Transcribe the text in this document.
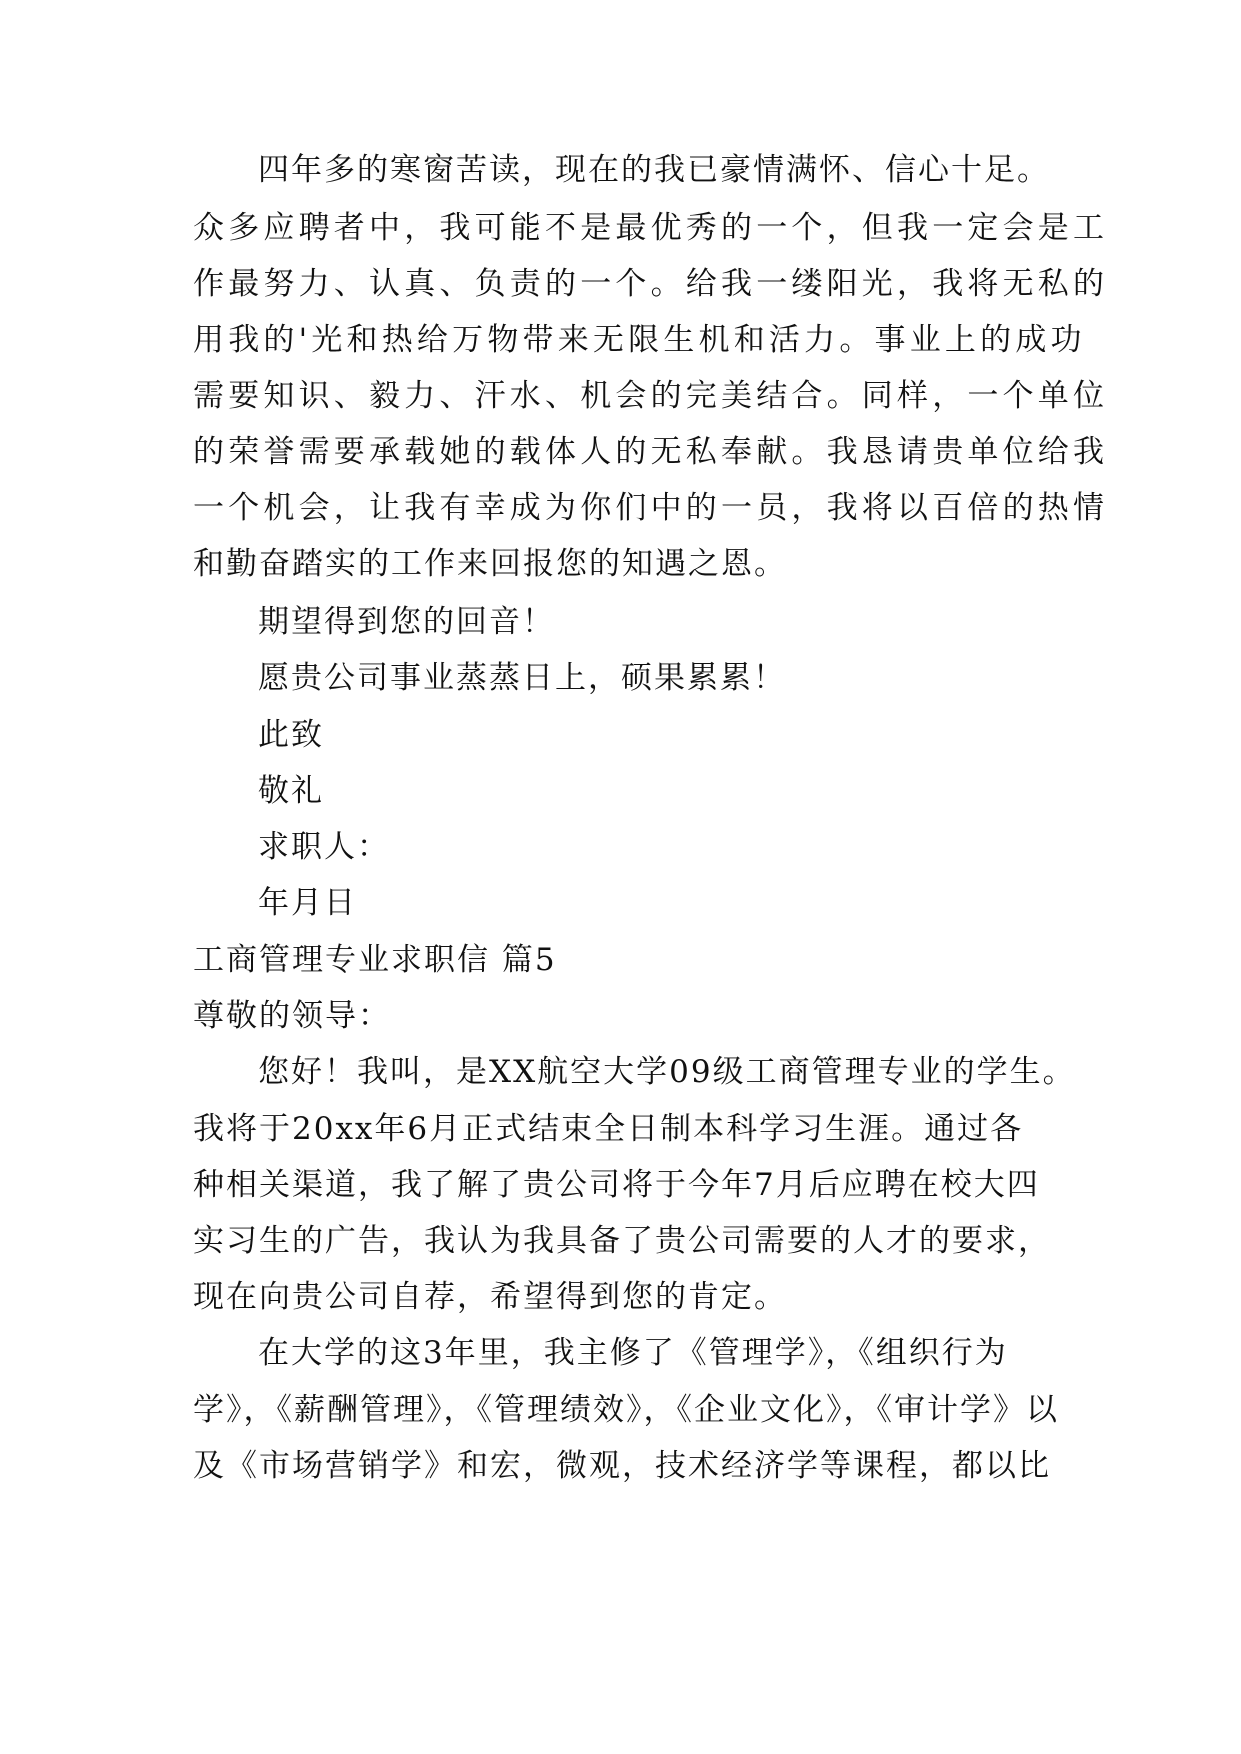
四年多的寒窗苦读，现在的我已豪情满怀、信心十足。
众多应聘者中，我可能不是最优秀的一个，但我一定会是工
作最努力、认真、负责的一个。给我一缕阳光，我将无私的
用我的'光和热给万物带来无限生机和活力。事业上的成功
需要知识、毅力、汗水、机会的完美结合。同样，一个单位
的荣誉需要承载她的载体人的无私奉献。我恳请贵单位给我
一个机会，让我有幸成为你们中的一员，我将以百倍的热情
和勤奋踏实的工作来回报您的知遇之恩。
期望得到您的回音！
愿贵公司事业蒸蒸日上，硕果累累！
此致
敬礼
求职人：
年月日
工商管理专业求职信 篇5
尊敬的领导：
您好！我叫，是XX航空大学09级工商管理专业的学生。
我将于20xx年6月正式结束全日制本科学习生涯。通过各
种相关渠道，我了解了贵公司将于今年7月后应聘在校大四
实习生的广告，我认为我具备了贵公司需要的人才的要求，
现在向贵公司自荐，希望得到您的肯定。
在大学的这3年里，我主修了《管理学》，《组织行为
学》，《薪酬管理》，《管理绩效》，《企业文化》，《审计学》以
及《市场营销学》和宏，微观，技术经济学等课程，都以比
